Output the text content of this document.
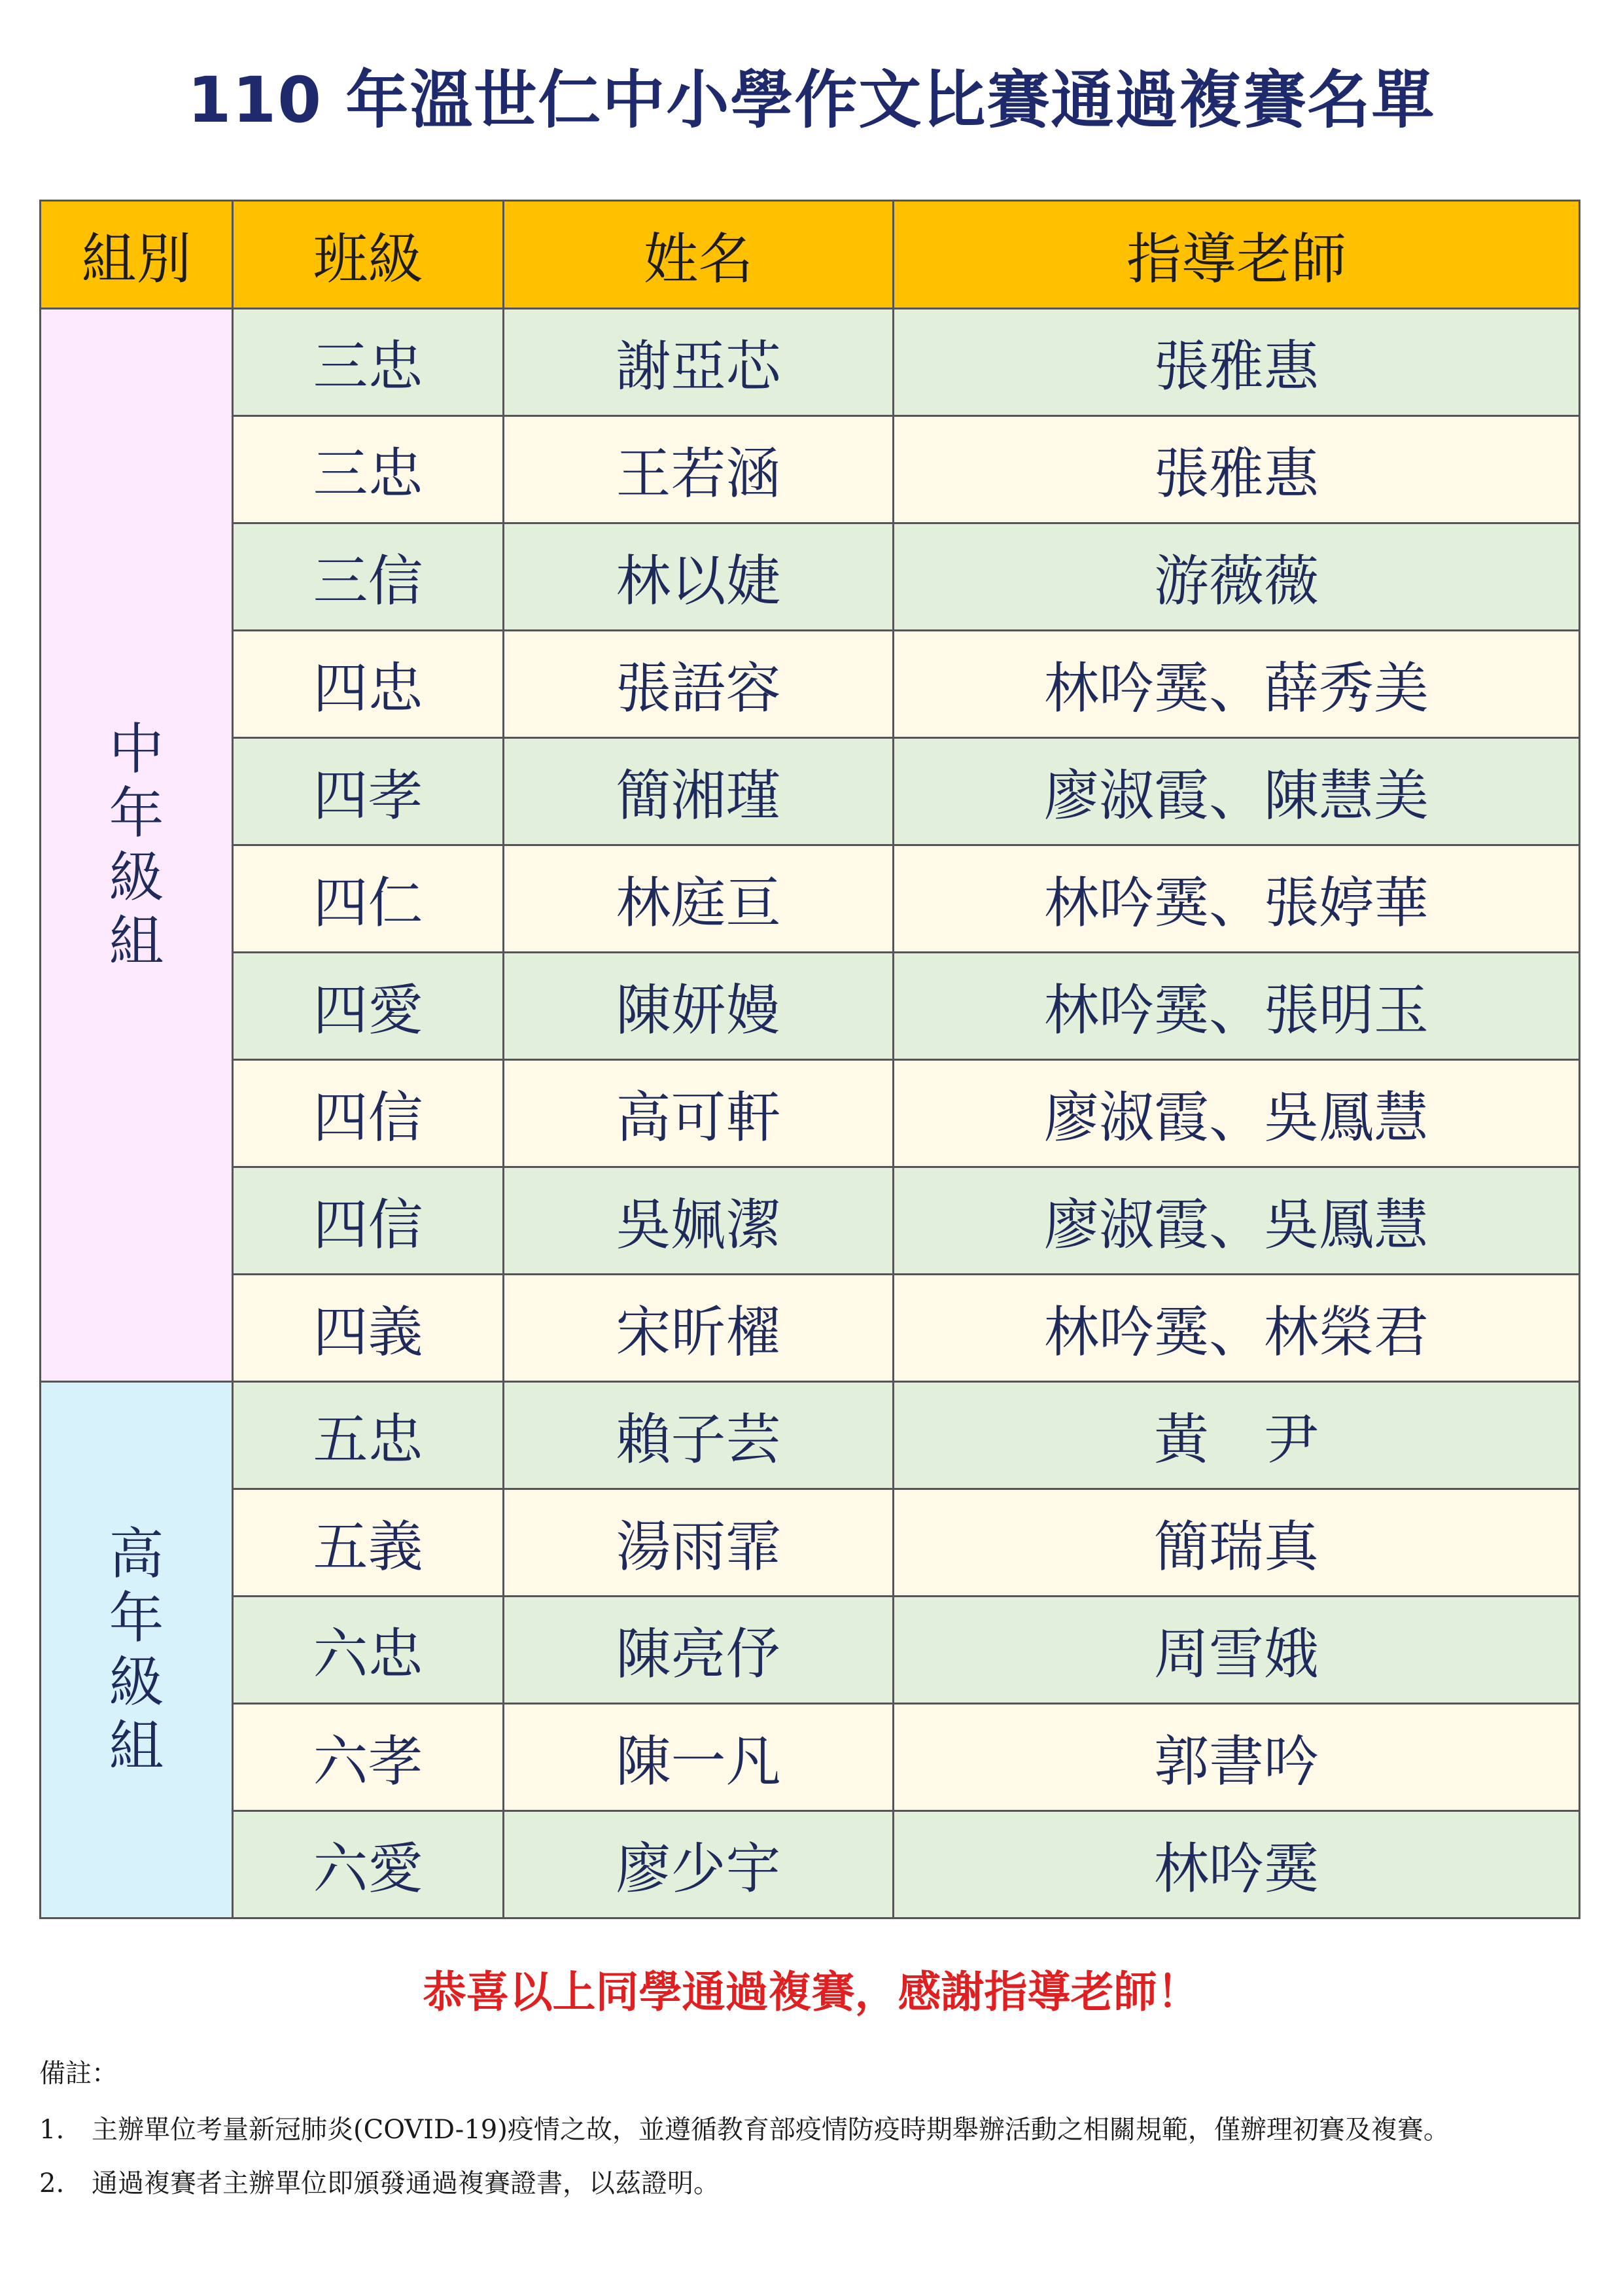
110 年溫世仁中小學作文比賽通過複賽名單
組別	班級	姓名	指導老師
中年級組	三忠	謝亞芯	張雅惠
	三忠	王若涵	張雅惠
	三信	林以婕	游薇薇
	四忠	張語容	林吟霙、薛秀美
	四孝	簡湘瑾	廖淑霞、陳慧美
	四仁	林庭亘	林吟霙、張婷華
	四愛	陳妍嫚	林吟霙、張明玉
	四信	高可軒	廖淑霞、吳鳳慧
	四信	吳姵潔	廖淑霞、吳鳳慧
	四義	宋昕櫂	林吟霙、林榮君
高年級組	五忠	賴子芸	黃　尹
	五義	湯雨霏	簡瑞真
	六忠	陳亮伃	周雪娥
	六孝	陳一凡	郭書吟
	六愛	廖少宇	林吟霙
恭喜以上同學通過複賽，感謝指導老師！
備註：
1.	主辦單位考量新冠肺炎(COVID-19)疫情之故，並遵循教育部疫情防疫時期舉辦活動之相關規範，僅辦理初賽及複賽。
2.	通過複賽者主辦單位即頒發通過複賽證書，以茲證明。
